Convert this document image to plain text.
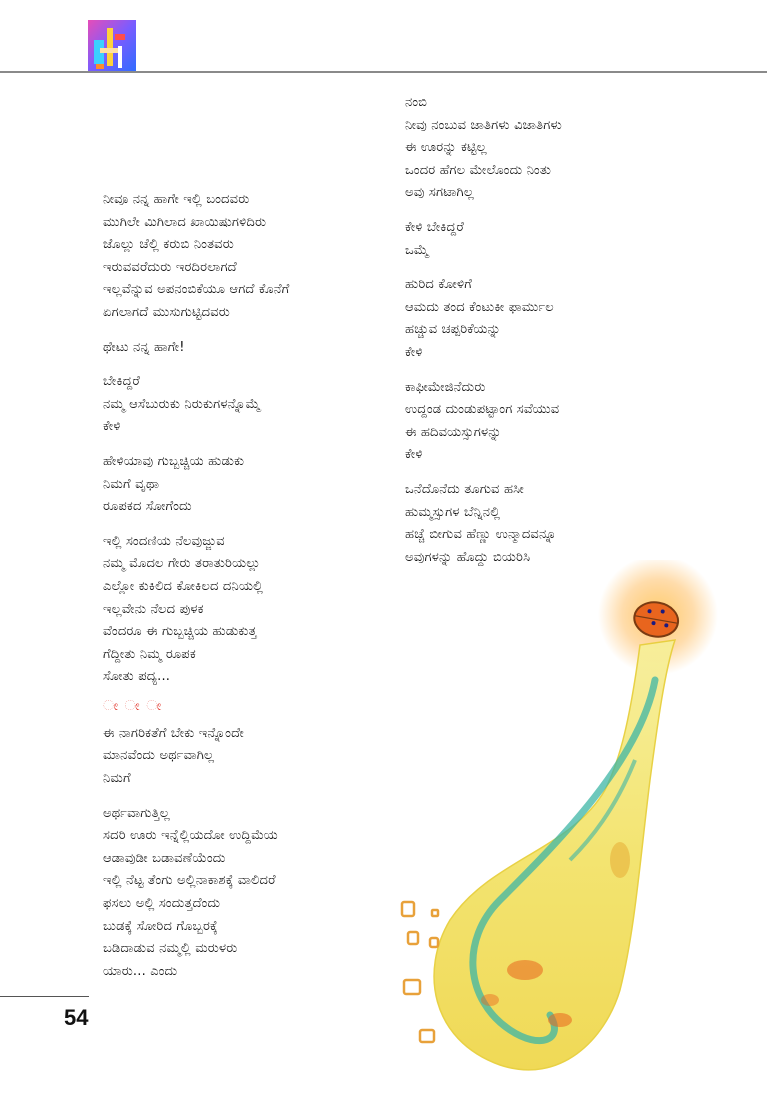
ನೀವೂ ನನ್ನ ಹಾಗೇ ಇಲ್ಲಿ ಬಂದವರು
ಮುಗಿಲೇ ಮಿಗಿಲಾದ ಖಾಯಿಷುಗಳಿದಿರು
ಜೊಲ್ಲು ಚೆಲ್ಲಿ ಕರುಬಿ ನಿಂತವರು
ಇರುವವರೆದುರು ಇರದಿರಲಾಗದೆ
ಇಲ್ಲವೆನ್ನುವ ಅಪನಂಬಿಕೆಯೂ ಆಗದೆ ಕೊನೆಗೆ
ಏಗಲಾಗದೆ ಮುಸುಗುಟ್ಟಿದವರು
ಥೇಟು ನನ್ನ ಹಾಗೇ!
ಬೇಕಿದ್ದರೆ
ನಮ್ಮ ಆಸೆಬುರುಕು ನಿರುಕುಗಳನ್ನೊಮ್ಮೆ
ಕೇಳಿ
ಹೇಳಿಯಾವು ಗುಬ್ಬಚ್ಚಿಯ ಹುಡುಕು
ನಿಮಗೆ ವೃಥಾ
ರೂಪಕದ ಸೋಗೆಂದು
ಇಲ್ಲಿ ಸಂದಣಿಯ ನೆಲವುಜ್ಜುವ
ನಮ್ಮ ಮೊದಲ ಗೇರು ತರಾತುರಿಯಲ್ಲು
ಎಲ್ಲೋ ಕುಕಿಲಿದ ಕೋಕಿಲದ ದನಿಯಲ್ಲಿ
ಇಲ್ಲವೇನು ನೆಲದ ಪುಳಕ
ವೆಂದರೂ ಈ ಗುಬ್ಬಚ್ಚಿಯ ಹುಡುಕುತ್ತ
ಗೆದ್ದೀತು ನಿಮ್ಮ ರೂಪಕ
ಸೋತು ಪದ್ಯ...
ೕ ೕ ೕ
ಈ ನಾಗರಿಕತೆಗೆ ಬೇಕು ಇನ್ನೊಂದೇ
ಮಾನವೆಂದು ಅರ್ಥವಾಗಿಲ್ಲ
ನಿಮಗೆ
ಅರ್ಥವಾಗುತ್ತಿಲ್ಲ
ಸದರಿ ಊರು ಇನ್ನೆಲ್ಲಿಯದೋ ಉದ್ದಿಮೆಯ
ಆಡಾವುಡೀ ಬಡಾವಣೆಯೆಂದು
ಇಲ್ಲಿ ನೆಟ್ಟ ತೆಂಗು ಅಲ್ಲಿನಾಕಾಶಕ್ಕೆ ವಾಲಿದರೆ
ಫಸಲು ಅಲ್ಲಿ ಸಂದುತ್ತದೆಂದು
ಬುಡಕ್ಕೆ ಸೋರಿದ ಗೊಬ್ಬರಕ್ಕೆ
ಬಡಿದಾಡುವ ನಮ್ಮಲ್ಲಿ ಮರುಳರು
ಯಾರು... ಎಂದು
ನಂಬಿ
ನೀವು ನಂಬುವ ಜಾತಿಗಳು ವಿಜಾತಿಗಳು
ಈ ಊರನ್ನು ಕಟ್ಟಿಲ್ಲ
ಒಂದರ ಹೆಗಲ ಮೇಲೊಂದು ನಿಂತು
ಅವು ಸಗಟಾಗಿಲ್ಲ
ಕೇಳಿ ಬೇಕಿದ್ದರೆ
ಒಮ್ಮೆ
ಹುರಿದ ಕೋಳಿಗೆ
ಆಮದು ತಂದ ಕೆಂಟುಕೀ ಫಾರ್ಮುಲ
ಹಚ್ಚುವ ಚಪ್ಪರಿಕೆಯನ್ನು
ಕೇಳಿ
ಕಾಫೀಮೇಜಿನೆದುರು
ಉದ್ದಂಡ ದುಂಡುಪಟ್ಟಾಂಗ ಸವೆಯುವ
ಈ ಹದಿವಯಸ್ಸುಗಳನ್ನು
ಕೇಳಿ
ಒನೆದೊನೆದು ತೂಗುವ ಹಸೀ
ಹುಮ್ಮಸ್ಸುಗಳ ಬೆನ್ನಿನಲ್ಲಿ
ಹಚ್ಚೆ ಬೀಗುವ ಹೆಣ್ಣು ಉನ್ಮಾದವನ್ನೂ
ಅವುಗಳನ್ನು ಹೊದ್ದು ಬಿಯರಿಸಿ
54
